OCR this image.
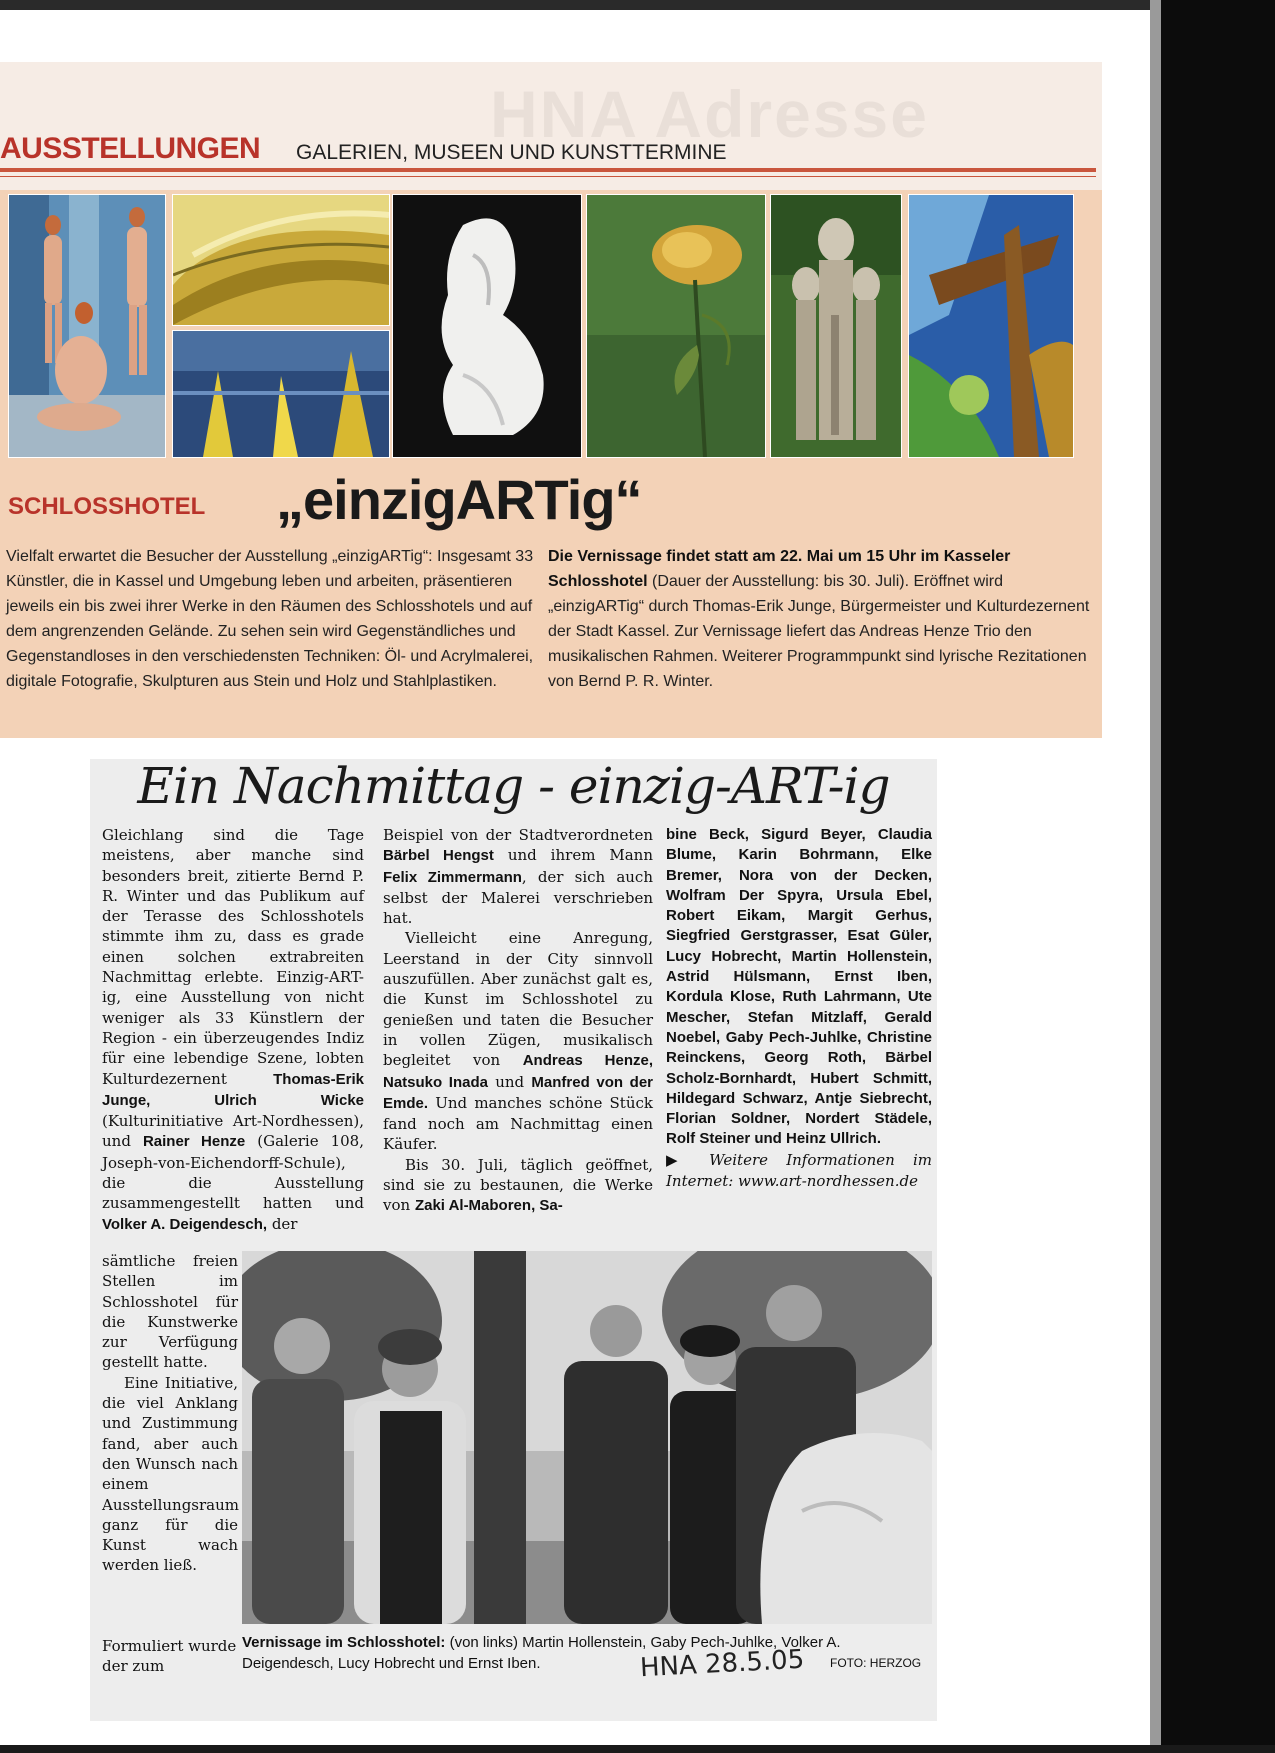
HNA Adresse
AUSSTELLUNGEN GALERIEN, MUSEEN UND KUNSTTERMINE
SCHLOSSHOTEL „einzigARTig“

Vielfalt erwartet die Besucher der Ausstellung „einzigARTig“: Insgesamt 33 Künstler, die in Kassel und Umgebung leben und arbeiten, präsentieren jeweils ein bis zwei ihrer Werke in den Räumen des Schlosshotels und auf dem angrenzenden Gelände. Zu sehen sein wird Gegenständliches und Gegenstandloses in den verschiedensten Techniken: Öl- und Acrylmalerei, digitale Fotografie, Skulpturen aus Stein und Holz und Stahlplastiken.

Die Vernissage findet statt am 22. Mai um 15 Uhr im Kasseler Schlosshotel (Dauer der Ausstellung: bis 30. Juli). Eröffnet wird „einzigARTig“ durch Thomas-Erik Junge, Bürgermeister und Kulturdezernent der Stadt Kassel. Zur Vernissage liefert das Andreas Henze Trio den musikalischen Rahmen. Weiterer Programmpunkt sind lyrische Rezitationen von Bernd P. R. Winter.

Ein Nachmittag - einzig-ART-ig

Gleichlang sind die Tage meistens, aber manche sind besonders breit, zitierte Bernd P. R. Winter und das Publikum auf der Terasse des Schlosshotels stimmte ihm zu, dass es grade einen solchen extrabreiten Nachmittag erlebte. Einzig-ART-ig, eine Ausstellung von nicht weniger als 33 Künstlern der Region - ein überzeugendes Indiz für eine lebendige Szene, lobten Kulturdezernent Thomas-Erik Junge, Ulrich Wicke (Kulturinitiative Art-Nordhessen), und Rainer Henze (Galerie 108, Joseph-von-Eichendorff-Schule), die die Ausstellung zusammengestellt hatten und Volker A. Deigendesch, der

Beispiel von der Stadtverordneten Bärbel Hengst und ihrem Mann Felix Zimmermann, der sich auch selbst der Malerei verschrieben hat.

Vielleicht eine Anregung, Leerstand in der City sinnvoll auszufüllen. Aber zunächst galt es, die Kunst im Schlosshotel zu genießen und taten die Besucher in vollen Zügen, musikalisch begleitet von Andreas Henze, Natsuko Inada und Manfred von der Emde. Und manches schöne Stück fand noch am Nachmittag einen Käufer.

Bis 30. Juli, täglich geöffnet, sind sie zu bestaunen, die Werke von Zaki Al-Maboren, Sa-

bine Beck, Sigurd Beyer, Claudia Blume, Karin Bohrmann, Elke Bremer, Nora von der Decken, Wolfram Der Spyra, Ursula Ebel, Robert Eikam, Margit Gerhus, Siegfried Gerstgrasser, Esat Güler, Lucy Hobrecht, Martin Hollenstein, Astrid Hülsmann, Ernst Iben, Kordula Klose, Ruth Lahrmann, Ute Mescher, Stefan Mitzlaff, Gerald Noebel, Gaby Pech-Juhlke, Christine Reinckens, Georg Roth, Bärbel Scholz-Bornhardt, Hubert Schmitt, Hildegard Schwarz, Antje Siebrecht, Florian Soldner, Nordert Städele, Rolf Steiner und Heinz Ullrich.

▶ Weitere Informationen im Internet: www.art-nordhessen.de

sämtliche freien Stellen im Schlosshotel für die Kunstwerke zur Verfügung gestellt hatte.

Eine Initiative, die viel Anklang und Zustimmung fand, aber auch den Wunsch nach einem Ausstellungsraum ganz für die Kunst wach werden ließ.

Formuliert wurde der zum
Vernissage im Schlosshotel: (von links) Martin Hollenstein, Gaby Pech-Juhlke, Volker A. Deigendesch, Lucy Hobrecht und Ernst Iben.	FOTO: HERZOG
HNA 28.5.05
